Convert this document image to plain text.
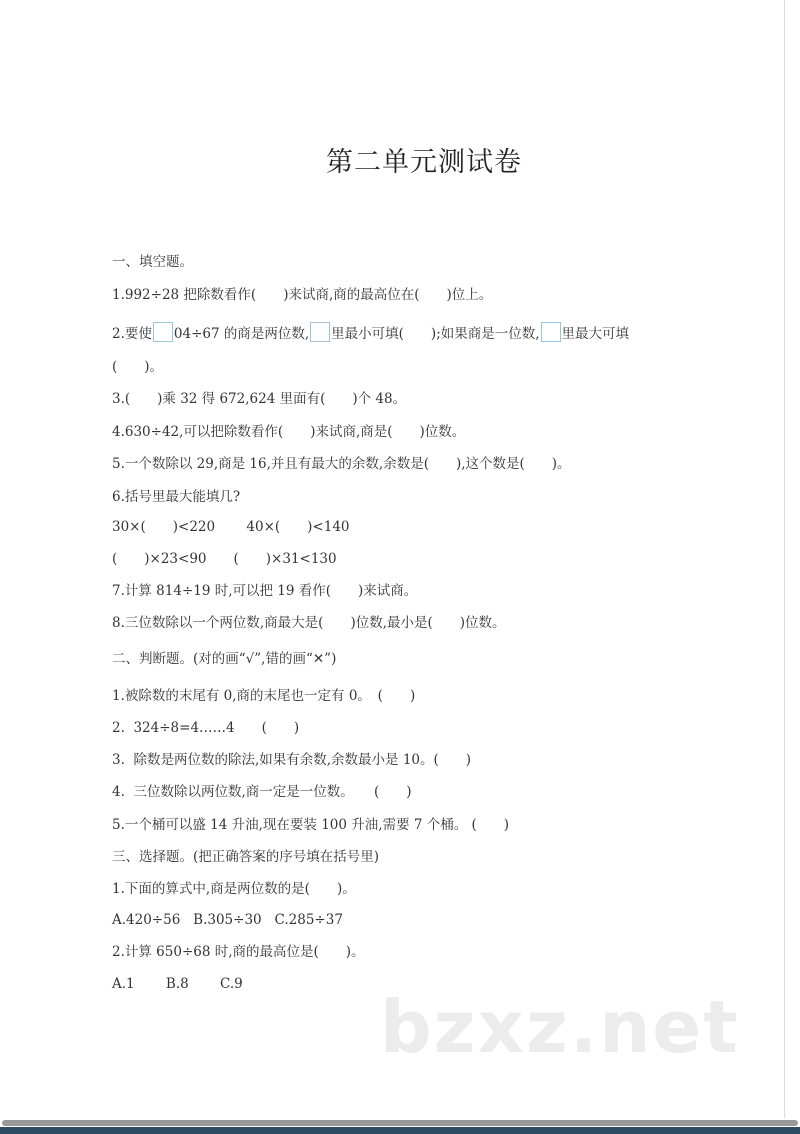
第二单元测试卷
一、填空题。
1.992÷28 把除数看作(　　)来试商,商的最高位在(　　)位上。
2.要使 04÷67 的商是两位数, 里最小可填(　　);如果商是一位数, 里最大可填
(　　)。
3.(　　)乘 32 得 672,624 里面有(　　)个 48。
4.630÷42,可以把除数看作(　　)来试商,商是(　　)位数。
5.一个数除以 29,商是 16,并且有最大的余数,余数是(　　),这个数是(　　)。
6.括号里最大能填几?
30×(　　)<220　　 40×(　　)<140
(　　)×23<90　　(　　)×31<130
7.计算 814÷19 时,可以把 19 看作(　　)来试商。
8.三位数除以一个两位数,商最大是(　　)位数,最小是(　　)位数。
二、判断题。(对的画“√”,错的画“✕”)
1.被除数的末尾有 0,商的末尾也一定有 0。　(　　)
2.  324÷8=4……4　　(　　)
3.  除数是两位数的除法,如果有余数,余数最小是 10。(　　)
4.  三位数除以两位数,商一定是一位数。　　(　　)
5.一个桶可以盛 14 升油,现在要装 100 升油,需要 7 个桶。 (　　)
三、选择题。(把正确答案的序号填在括号里)
1.下面的算式中,商是两位数的是(　　)。
A.420÷56   B.305÷30   C.285÷37
2.计算 650÷68 时,商的最高位是(　　)。
A.1　　 B.8　　 C.9
bzxz.net
